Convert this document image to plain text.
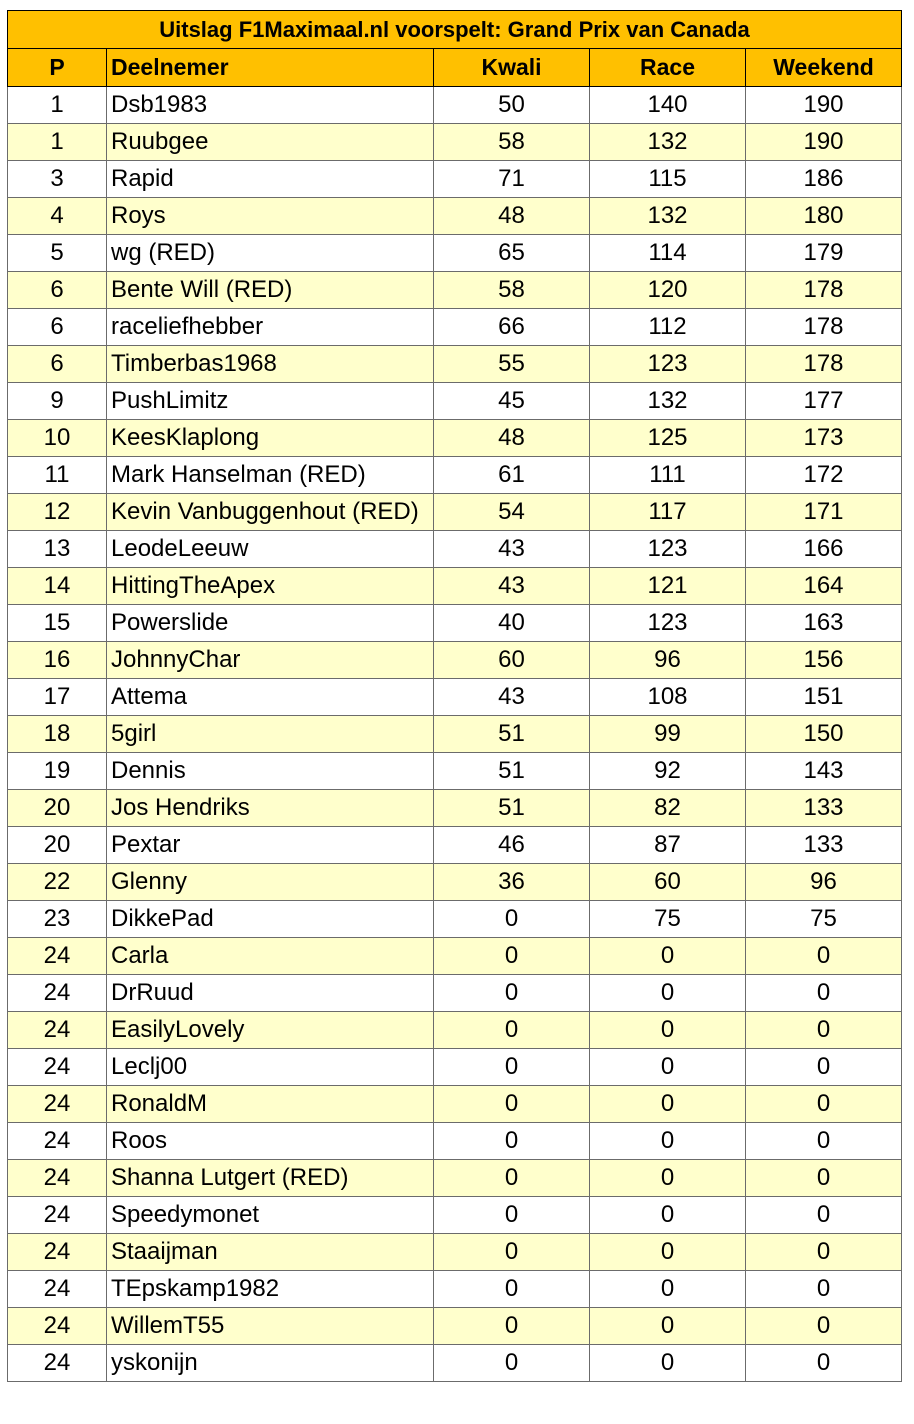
Uitslag F1Maximaal.nl voorspelt: Grand Prix van Canada				
P	Deelnemer	Kwali	Race	Weekend
1	Dsb1983	50	140	190
1	Ruubgee	58	132	190
3	Rapid	71	115	186
4	Roys	48	132	180
5	wg (RED)	65	114	179
6	Bente Will (RED)	58	120	178
6	raceliefhebber	66	112	178
6	Timberbas1968	55	123	178
9	PushLimitz	45	132	177
10	KeesKlaplong	48	125	173
11	Mark Hanselman (RED)	61	111	172
12	Kevin Vanbuggenhout (RED)	54	117	171
13	LeodeLeeuw	43	123	166
14	HittingTheApex	43	121	164
15	Powerslide	40	123	163
16	JohnnyChar	60	96	156
17	Attema	43	108	151
18	5girl	51	99	150
19	Dennis	51	92	143
20	Jos Hendriks	51	82	133
20	Pextar	46	87	133
22	Glenny	36	60	96
23	DikkePad	0	75	75
24	Carla	0	0	0
24	DrRuud	0	0	0
24	EasilyLovely	0	0	0
24	Leclj00	0	0	0
24	RonaldM	0	0	0
24	Roos	0	0	0
24	Shanna Lutgert (RED)	0	0	0
24	Speedymonet	0	0	0
24	Staaijman	0	0	0
24	TEpskamp1982	0	0	0
24	WillemT55	0	0	0
24	yskonijn	0	0	0
